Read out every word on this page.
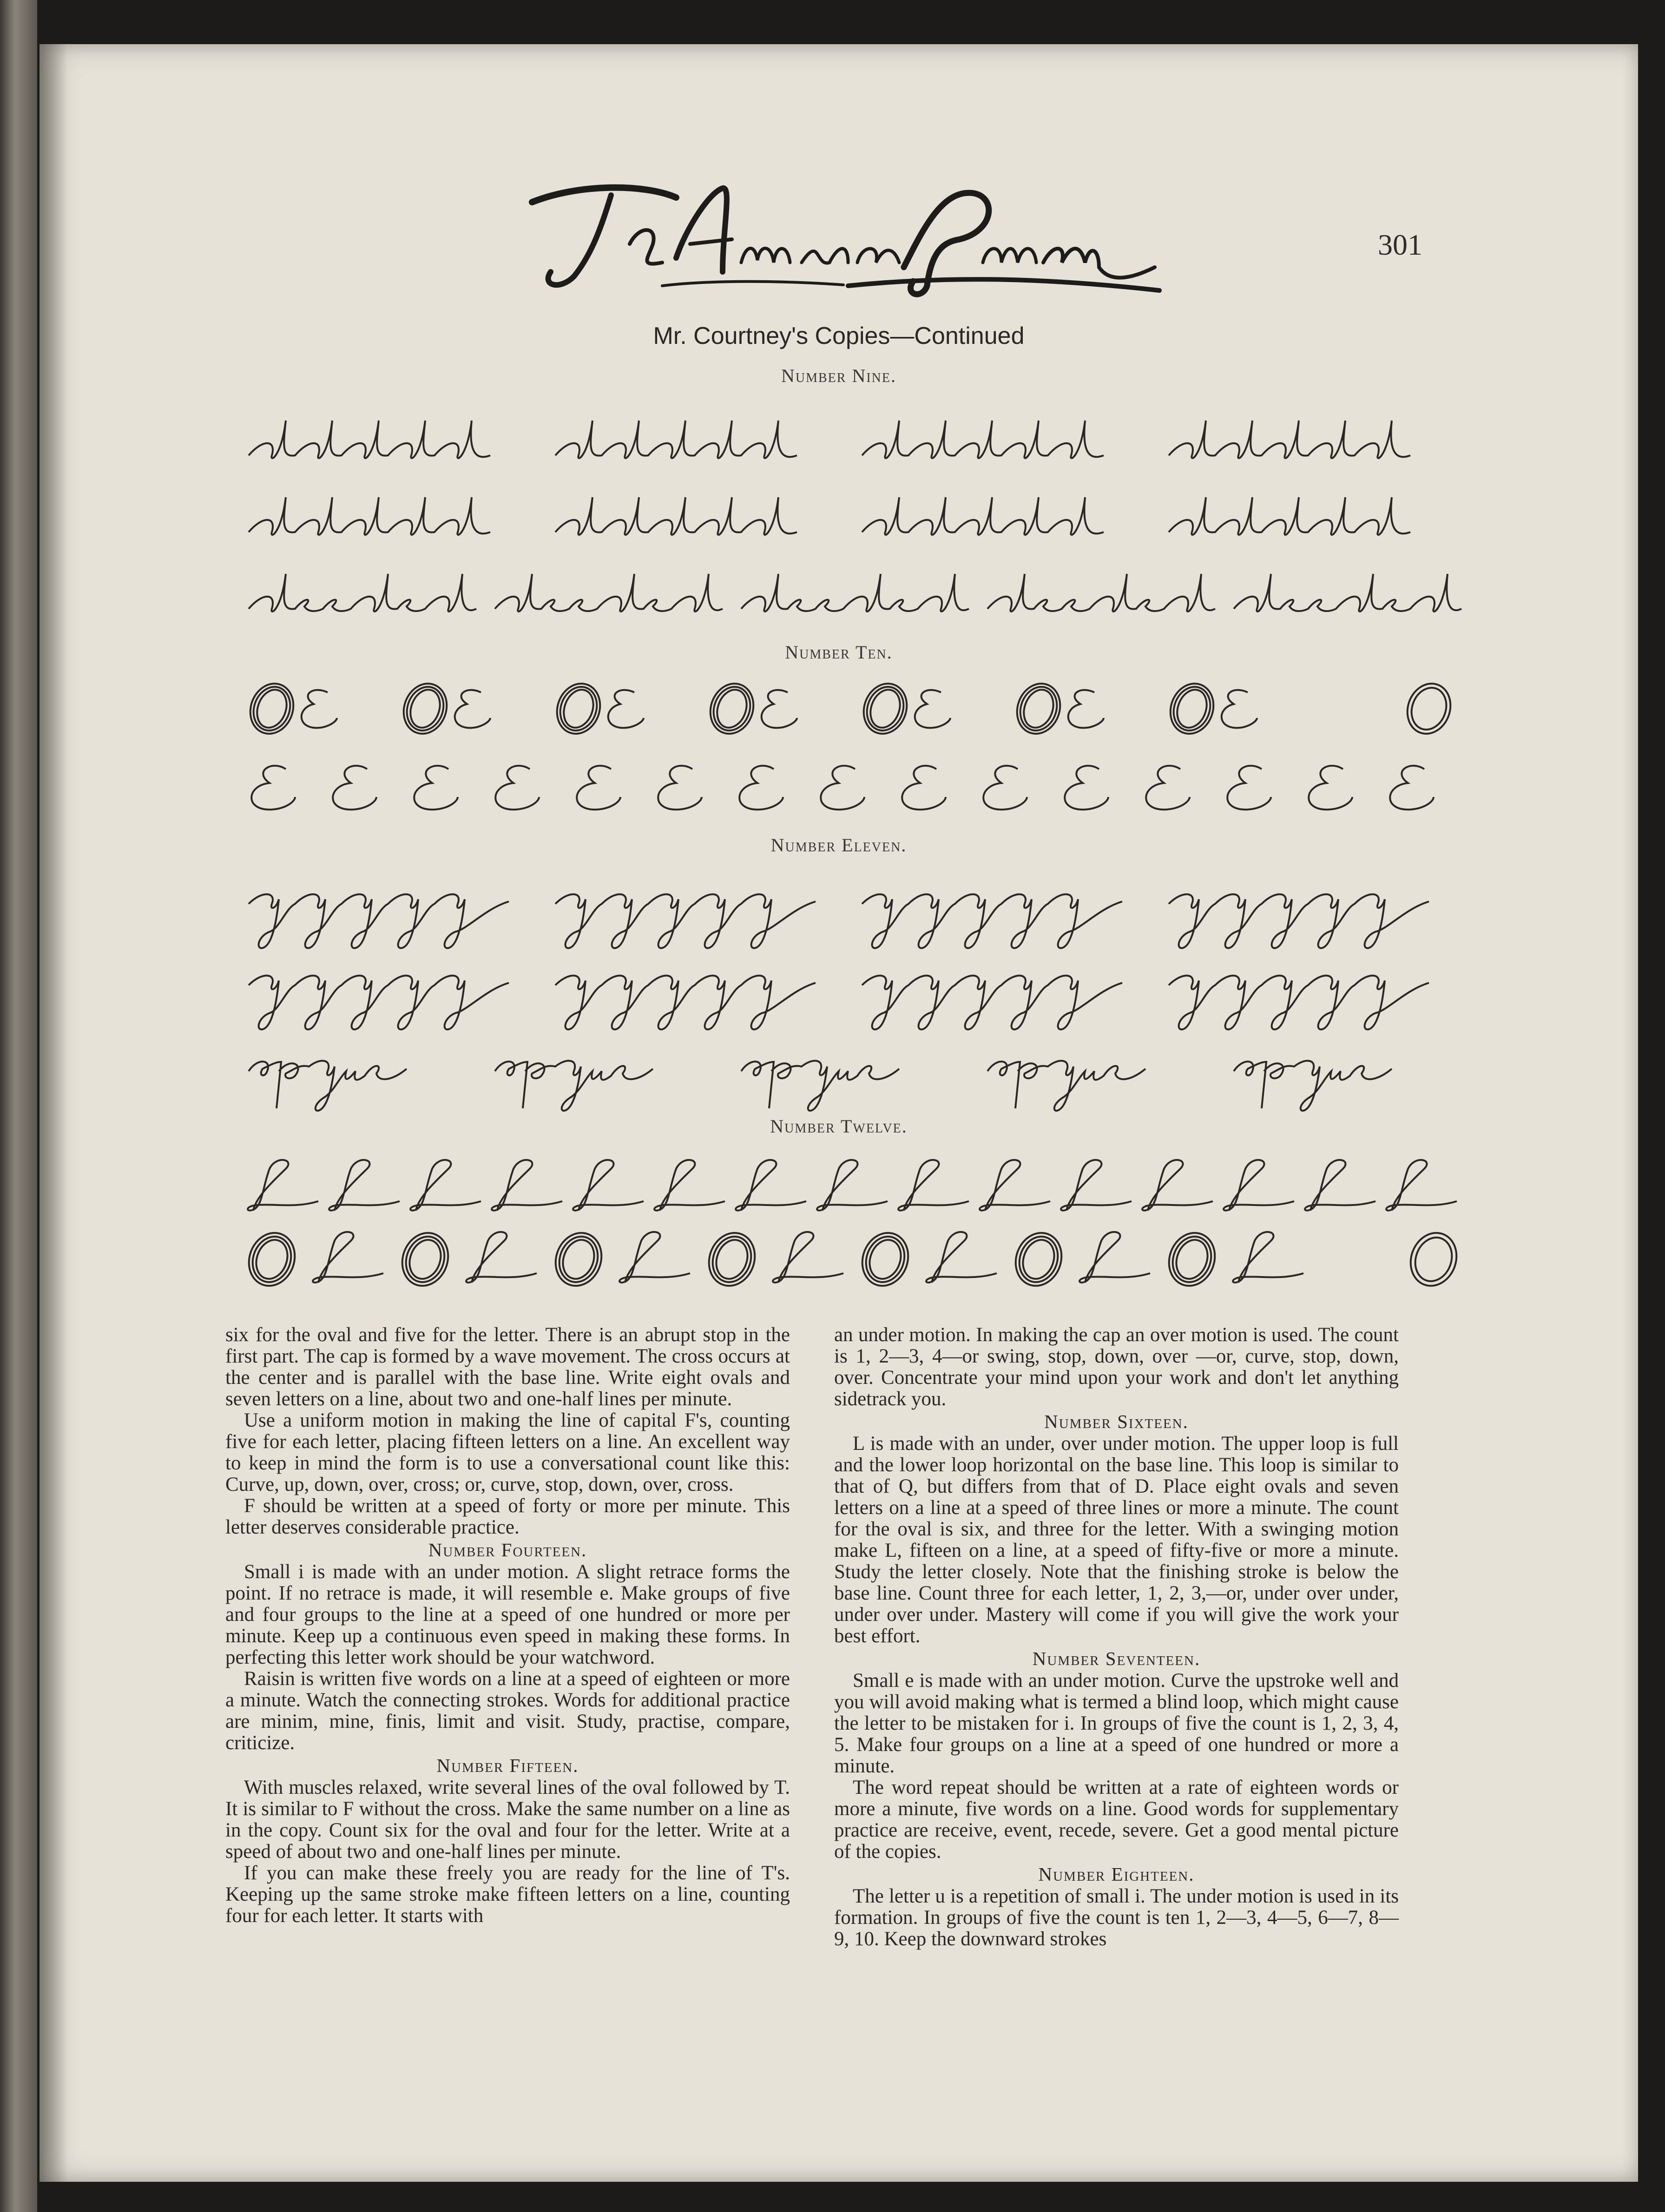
301
Mr. Courtney's Copies—Continued
Number Nine.
Number Ten.
Number Eleven.
Number Twelve.

six for the oval and five for the letter. There is an abrupt stop in the first part. The cap is formed by a wave movement. The cross occurs at the center and is parallel with the base line. Write eight ovals and seven letters on a line, about two and one-half lines per minute.

Use a uniform motion in making the line of capital F's, counting five for each letter, placing fifteen letters on a line. An excellent way to keep in mind the form is to use a conversational count like this: Curve, up, down, over, cross; or, curve, stop, down, over, cross.

F should be written at a speed of forty or more per minute. This letter deserves considerable practice.

Number Fourteen.

Small i is made with an under motion. A slight retrace forms the point. If no retrace is made, it will resemble e. Make groups of five and four groups to the line at a speed of one hundred or more per minute. Keep up a continuous even speed in making these forms. In perfecting this letter work should be your watchword.

Raisin is written five words on a line at a speed of eighteen or more a minute. Watch the connecting strokes. Words for additional practice are minim, mine, finis, limit and visit. Study, practise, compare, criticize.

Number Fifteen.

With muscles relaxed, write several lines of the oval followed by T. It is similar to F without the cross. Make the same number on a line as in the copy. Count six for the oval and four for the letter. Write at a speed of about two and one-half lines per minute.

If you can make these freely you are ready for the line of T's. Keeping up the same stroke make fifteen letters on a line, counting four for each letter. It starts with

an under motion. In making the cap an over motion is used. The count is 1, 2—3, 4—or swing, stop, down, over —or, curve, stop, down, over. Concentrate your mind upon your work and don't let anything sidetrack you.

Number Sixteen.

L is made with an under, over under motion. The upper loop is full and the lower loop horizontal on the base line. This loop is similar to that of Q, but differs from that of D. Place eight ovals and seven letters on a line at a speed of three lines or more a minute. The count for the oval is six, and three for the letter. With a swinging motion make L, fifteen on a line, at a speed of fifty-five or more a minute. Study the letter closely. Note that the finishing stroke is below the base line. Count three for each letter, 1, 2, 3,—or, under over under, under over under. Mastery will come if you will give the work your best effort.

Number Seventeen.

Small e is made with an under motion. Curve the upstroke well and you will avoid making what is termed a blind loop, which might cause the letter to be mistaken for i. In groups of five the count is 1, 2, 3, 4, 5. Make four groups on a line at a speed of one hundred or more a minute.

The word repeat should be written at a rate of eighteen words or more a minute, five words on a line. Good words for supplementary practice are receive, event, recede, severe. Get a good mental picture of the copies.

Number Eighteen.

The letter u is a repetition of small i. The under motion is used in its formation. In groups of five the count is ten 1, 2—3, 4—5, 6—7, 8—9, 10. Keep the downward strokes
